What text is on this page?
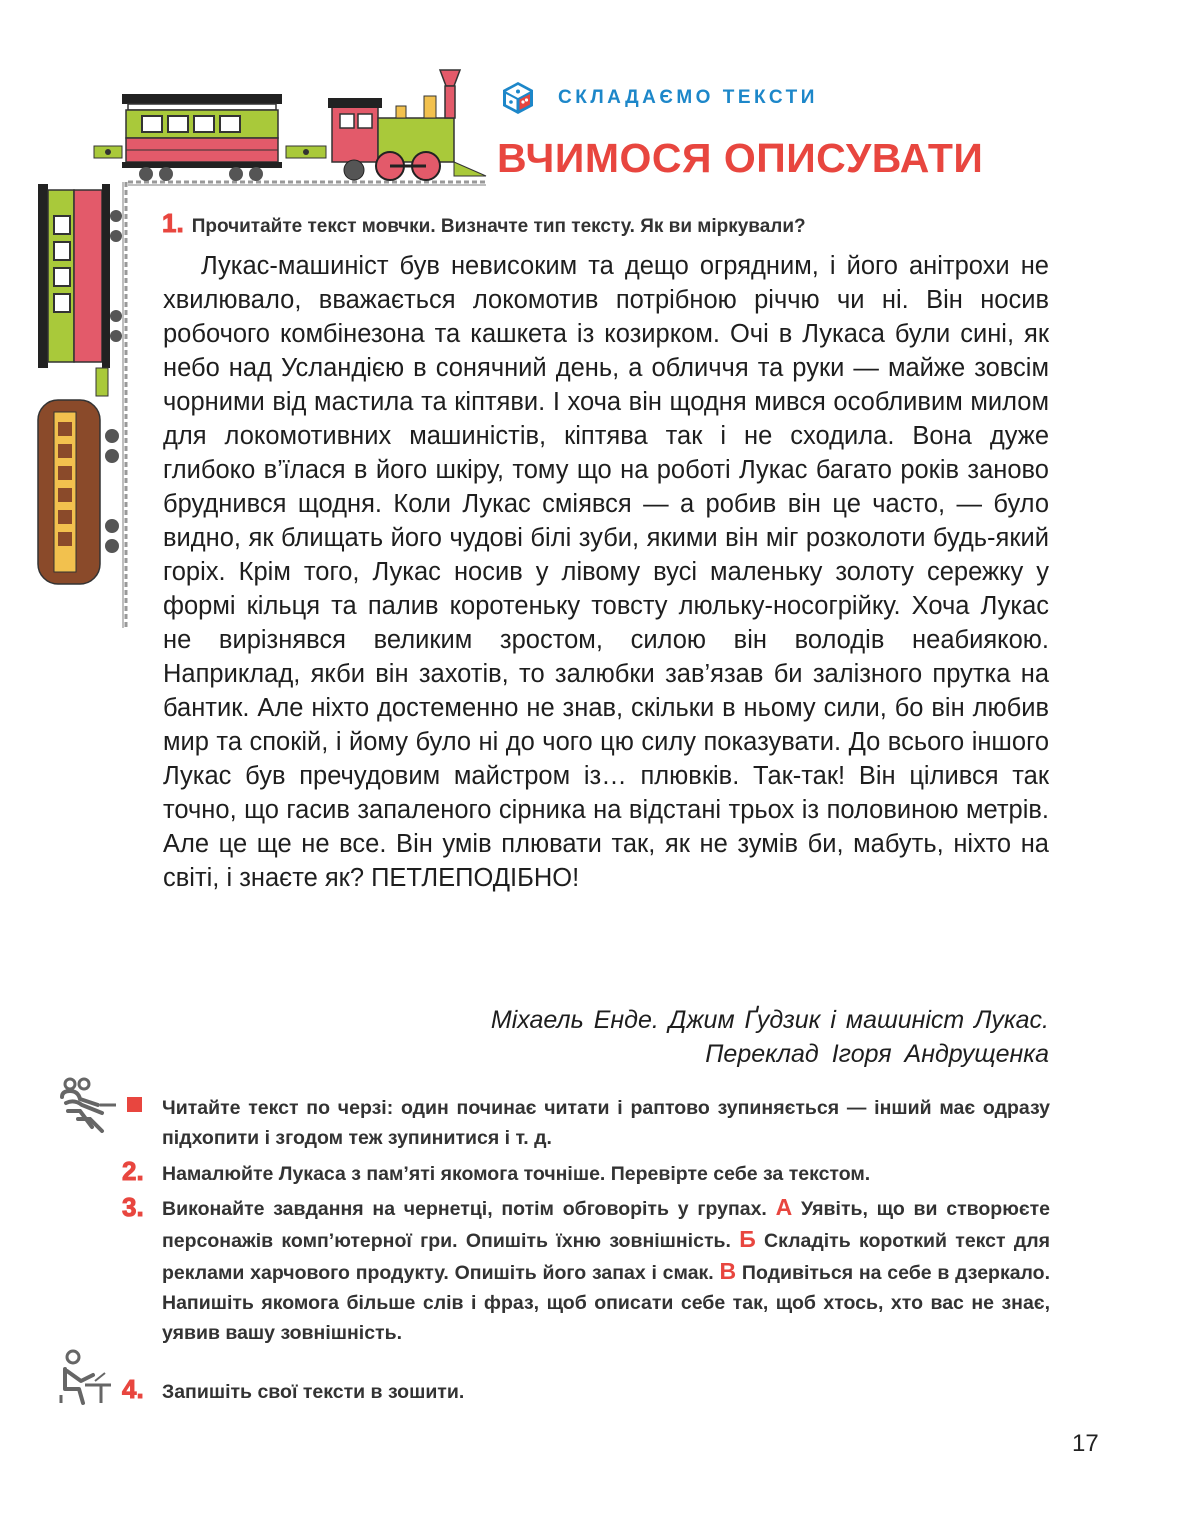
СКЛАДАЄМО ТЕКСТИ
ВЧИМОСЯ ОПИСУВАТИ
1. Прочитайте текст мовчки. Визначте тип тексту. Як ви міркували?

Лукас-машиніст був невисоким та дещо огрядним, і його анітрохи не хвилювало, вважається локомотив потрібною річчю чи ні. Він носив робочого комбінезона та кашкета із козирком. Очі в Лукаса були сині, як небо над Усландією в сонячний день, а обличчя та руки — майже зовсім чорними від мастила та кіптяви. І хоча він щодня мився особливим милом для локомотивних машиністів, кіптява так і не сходила. Вона дуже глибоко в’їлася в його шкіру, тому що на роботі Лукас багато років заново бруднився щодня. Коли Лукас сміявся — а робив він це часто, — було видно, як блищать його чудові білі зуби, якими він міг розколоти будь-який горіх. Крім того, Лукас носив у лівому вусі маленьку золоту сережку у формі кільця та палив коротеньку товсту люльку-носогрійку. Хоча Лукас не вирізнявся великим зростом, силою він володів неабиякою. Наприклад, якби він захотів, то залюбки зав’язав би залізного прутка на бантик. Але ніхто достеменно не знав, скільки в ньому сили, бо він любив мир та спокій, і йому було ні до чого цю силу показувати. До всього іншого Лукас був пречудовим майстром із… плювків. Так-так! Він цілився так точно, що гасив запаленого сірника на відстані трьох із половиною метрів. Але це ще не все. Він умів плювати так, як не зумів би, мабуть, ніхто на світі, і знаєте як? ПЕТЛЕПОДІБНО!

Міхаель Енде. Джим Ґудзик і машиніст Лукас.
Переклад Ігоря Андрущенка
Читайте текст по черзі: один починає читати і раптово зупиняється — інший має одразу підхопити і згодом теж зупинитися і т. д.
2. Намалюйте Лукаса з пам’яті якомога точніше. Перевірте себе за текстом.
3. Виконайте завдання на чернетці, потім обговоріть у групах. А Уявіть, що ви створюєте персонажів комп’ютерної гри. Опишіть їхню зовнішність. Б Складіть короткий текст для реклами харчового продукту. Опишіть його запах і смак. В Подивіться на себе в дзеркало. Напишіть якомога більше слів і фраз, щоб описати себе так, щоб хтось, хто вас не знає, уявив вашу зовнішність.
4. Запишіть свої тексти в зошити.
17
